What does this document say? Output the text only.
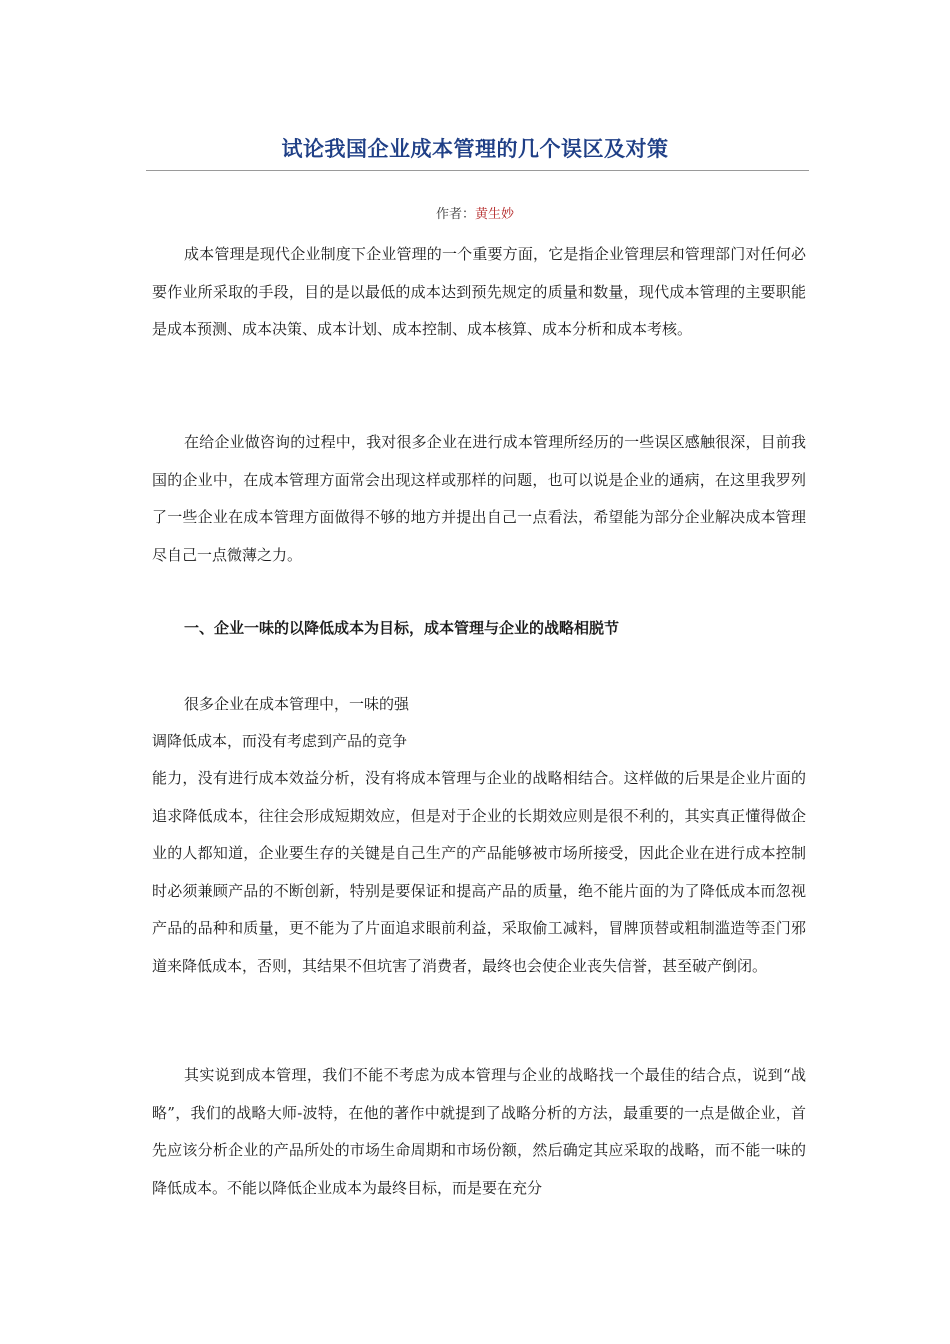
试论我国企业成本管理的几个误区及对策
作者：黄生妙
成本管理是现代企业制度下企业管理的一个重要方面，它是指企业管理层和管理部门对任何必要作业所采取的手段，目的是以最低的成本达到预先规定的质量和数量，现代成本管理的主要职能是成本预测、成本决策、成本计划、成本控制、成本核算、成本分析和成本考核。
在给企业做咨询的过程中，我对很多企业在进行成本管理所经历的一些误区感触很深，目前我国的企业中，在成本管理方面常会出现这样或那样的问题，也可以说是企业的通病，在这里我罗列了一些企业在成本管理方面做得不够的地方并提出自己一点看法，希望能为部分企业解决成本管理尽自己一点微薄之力。
一、企业一味的以降低成本为目标，成本管理与企业的战略相脱节
很多企业在成本管理中，一味的强
调降低成本，而没有考虑到产品的竞争
能力，没有进行成本效益分析，没有将成本管理与企业的战略相结合。这样做的后果是企业片面的追求降低成本，往往会形成短期效应，但是对于企业的长期效应则是很不利的，其实真正懂得做企业的人都知道，企业要生存的关键是自己生产的产品能够被市场所接受，因此企业在进行成本控制时必须兼顾产品的不断创新，特别是要保证和提高产品的质量，绝不能片面的为了降低成本而忽视产品的品种和质量，更不能为了片面追求眼前利益，采取偷工减料，冒牌顶替或粗制滥造等歪门邪道来降低成本，否则，其结果不但坑害了消费者，最终也会使企业丧失信誉，甚至破产倒闭。
其实说到成本管理，我们不能不考虑为成本管理与企业的战略找一个最佳的结合点，说到“战略”，我们的战略大师-波特，在他的著作中就提到了战略分析的方法，最重要的一点是做企业，首先应该分析企业的产品所处的市场生命周期和市场份额，然后确定其应采取的战略，而不能一味的降低成本。不能以降低企业成本为最终目标，而是要在充分
